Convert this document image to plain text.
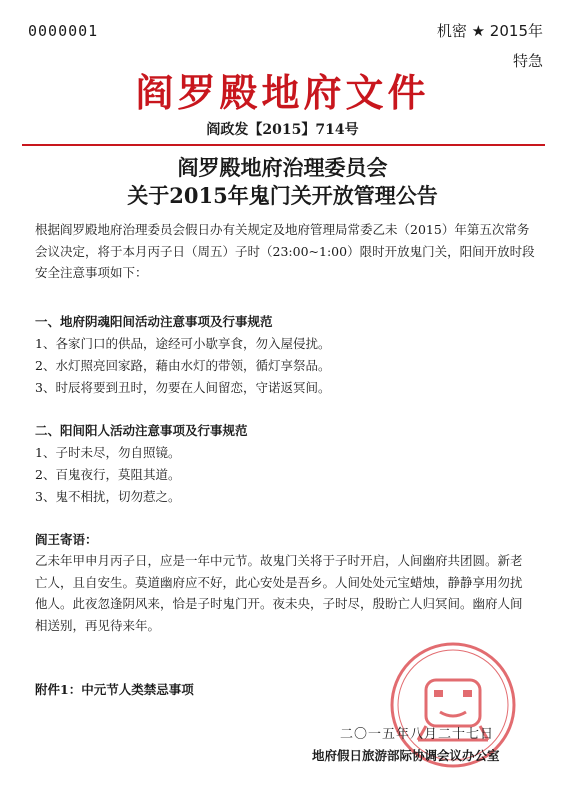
0000001	机密 ★ 2015年
特急
阎罗殿地府文件
阎政发【2015】714号
阎罗殿地府治理委员会
关于2015年鬼门关开放管理公告
根据阎罗殿地府治理委员会假日办有关规定及地府管理局常委乙未（2015）年第五次常务会议决定，将于本月丙子日（周五）子时（23:00~1:00）限时开放鬼门关，阳间开放时段安全注意事项如下：
一、地府阴魂阳间活动注意事项及行事规范
1、各家门口的供品，途经可小歇享食，勿入屋侵扰。
2、水灯照亮回家路，藉由水灯的带领，循灯享祭品。
3、时辰将要到丑时，勿要在人间留恋，守诺返冥间。
二、阳间阳人活动注意事项及行事规范
1、子时未尽，勿自照镜。
2、百鬼夜行，莫阻其道。
3、鬼不相扰，切勿惹之。
阎王寄语：
乙未年甲申月丙子日，应是一年中元节。故鬼门关将于子时开启，人间幽府共团圆。新老亡人，且自安生。莫道幽府应不好，此心安处是吾乡。人间处处元宝蜡烛，静静享用勿扰他人。此夜忽逢阴风来，恰是子时鬼门开。夜未央，子时尽，殷盼亡人归冥间。幽府人间相送别，再见待来年。
附件1：中元节人类禁忌事项
二〇一五年八月二十七日
地府假日旅游部际协调会议办公室
